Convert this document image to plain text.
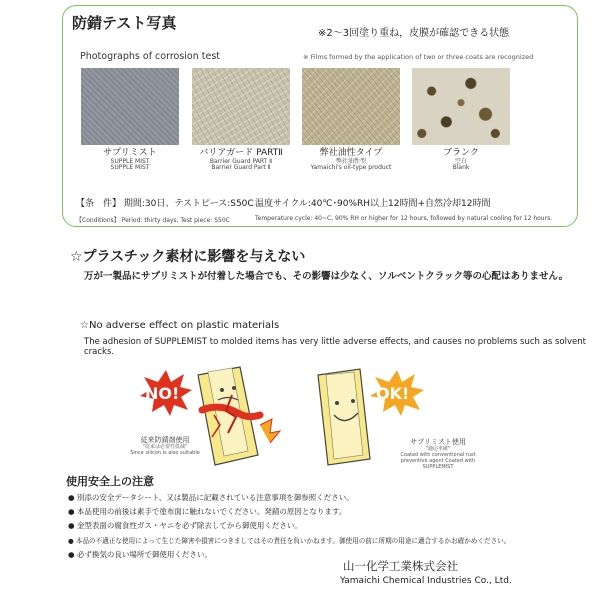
防錆テスト写真
※2～3回塗り重ね，皮膜が確認できる状態
Photographs of corrosion test	※ Films formed by the application of two or three coats are recognized
サプリミスト
SUPPLE MIST
SUPPLE MIST
バリアガード PARTⅡ
Barrier Guard PART Ⅱ
Barrier Guard Part Ⅱ
弊社油性タイプ
弊社油性型
Yamaichi's oil-type product
ブランク
空白
Blank
【条　件】 期間:30日、テストピース:S50C 温度サイクル:40℃･90%RH以上12時間+自然冷却12時間
【Conditions】 Period: thirty days, Test piece: S50C	Temperature cycle: 40~C, 90% RH or higher for 12 hours, followed by natural cooling for 12 hours.
☆プラスチック素材に影響を与えない
万が一製品にサプリミストが付着した場合でも、その影響は少なく、ソルベントクラック等の心配はありません。
☆No adverse effect on plastic materials
The adhesion of SUPPLEMIST to molded items has very little adverse effects, and causes no problems such as solvent cracks.
NO!	OK!
従来防錆剤使用
"従来は必要性低減"
Since silicon is also suitable
サプリミスト使用
"適応率確"
Coated with conventional rust preventive agent Coated with SUPPLEMIST
使用安全上の注意
● 別添の安全データシート、又は製品に記載されている注意事項を御参照ください。
● 本品使用の前後は素手で塗布面に触れないでください。発錆の原因となります。
● 金型表面の腐食性ガス・ヤニを必ず除去してから御使用ください。
● 本品の不適正な使用によって生じた障害や損害につきましてはその責任を負いかねます。御使用の前に所期の用途に適合するかお確かめください。
● 必ず換気の良い場所で御使用ください。
山一化学工業株式会社
Yamaichi Chemical Industries Co., Ltd.
